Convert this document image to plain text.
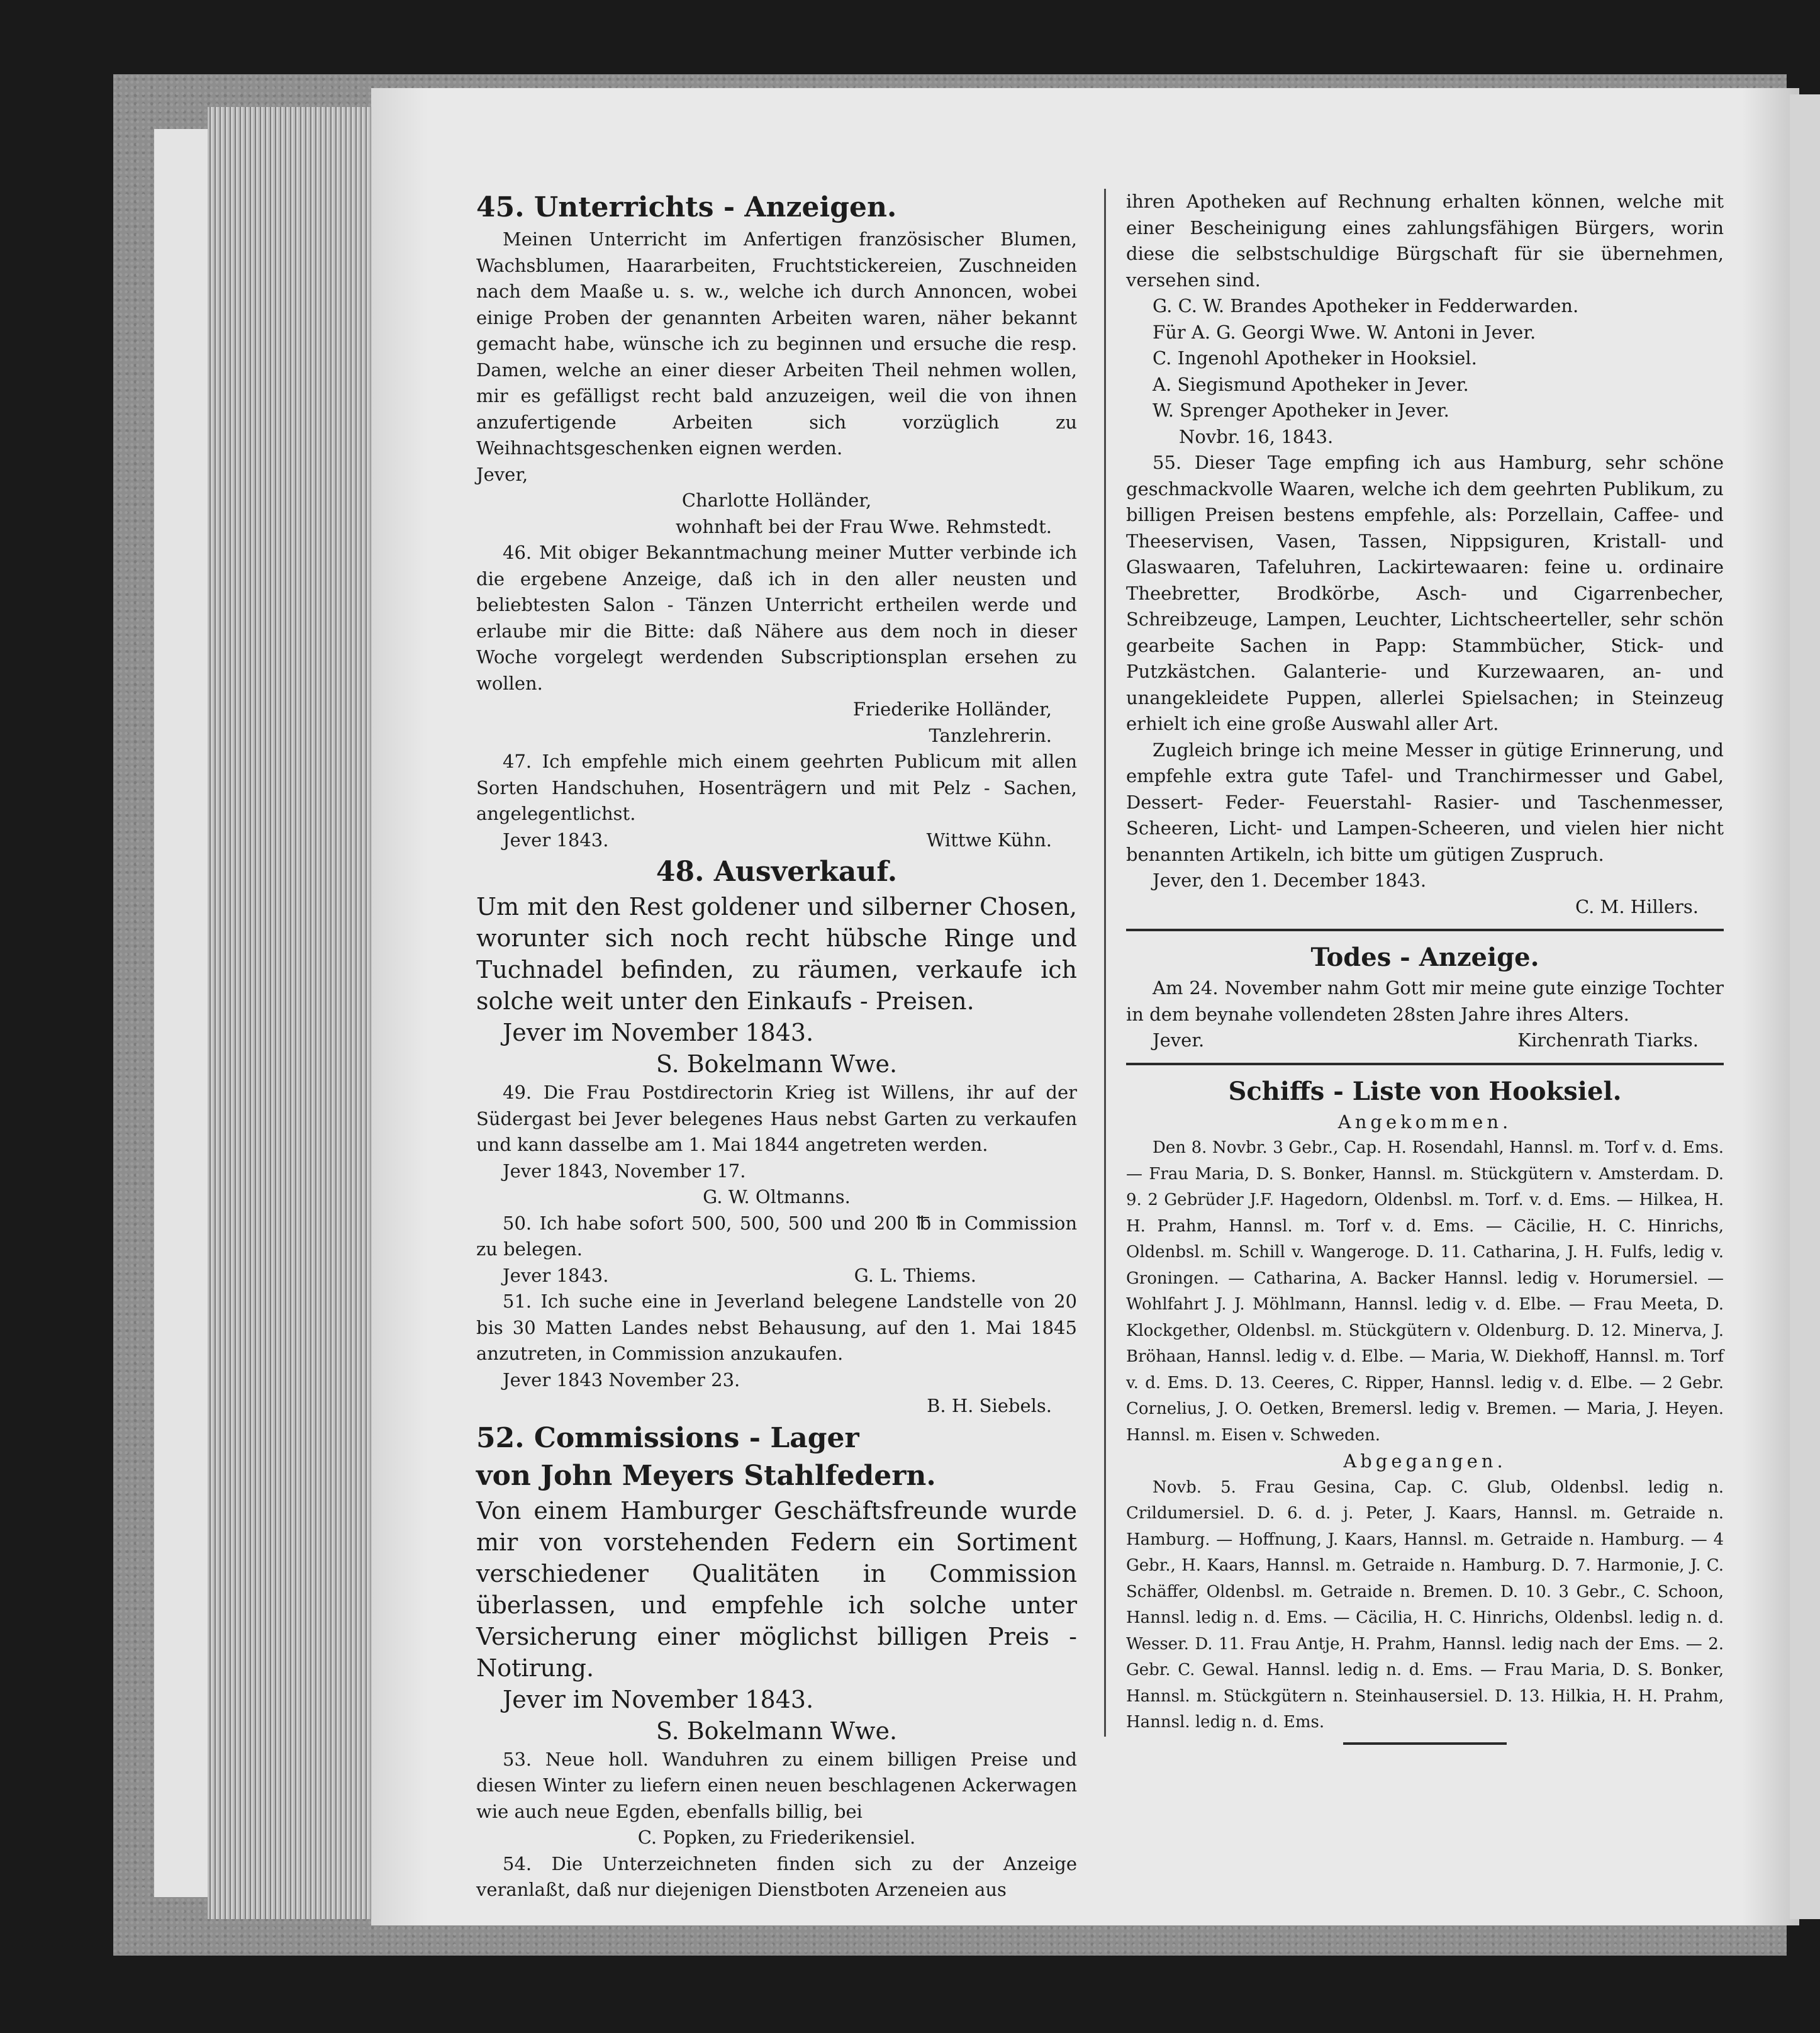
45. Unterrichts - Anzeigen.

Meinen Unterricht im Anfertigen französischer Blumen, Wachsblumen, Haararbeiten, Fruchtstickereien, Zuschneiden nach dem Maaße u. s. w., welche ich durch Annoncen, wobei einige Proben der genannten Arbeiten waren, näher bekannt gemacht habe, wünsche ich zu beginnen und ersuche die resp. Damen, welche an einer dieser Arbeiten Theil nehmen wollen, mir es gefälligst recht bald anzuzeigen, weil die von ihnen anzufertigende Arbeiten sich vorzüglich zu Weihnachtsgeschenken eignen werden.

Jever,

Charlotte Holländer,

wohnhaft bei der Frau Wwe. Rehmstedt.

46. Mit obiger Bekanntmachung meiner Mutter verbinde ich die ergebene Anzeige, daß ich in den aller neusten und beliebtesten Salon - Tänzen Unterricht ertheilen werde und erlaube mir die Bitte: daß Nähere aus dem noch in dieser Woche vorgelegt werdenden Subscriptionsplan ersehen zu wollen.

Friederike Holländer,

Tanzlehrerin.

47. Ich empfehle mich einem geehrten Publicum mit allen Sorten Handschuhen, Hosenträgern und mit Pelz - Sachen, angelegentlichst.

Jever 1843.	Wittwe Kühn.

48. Ausverkauf.

Um mit den Rest goldener und silberner Chosen, worunter sich noch recht hübsche Ringe und Tuchnadel befinden, zu räumen, verkaufe ich solche weit unter den Einkaufs - Preisen.

Jever im November 1843.

S. Bokelmann Wwe.

49. Die Frau Postdirectorin Krieg ist Willens, ihr auf der Südergast bei Jever belegenes Haus nebst Garten zu verkaufen und kann dasselbe am 1. Mai 1844 angetreten werden.

Jever 1843, November 17.

G. W. Oltmanns.

50. Ich habe sofort 500, 500, 500 und 200 ℔ in Commission zu belegen.

Jever 1843.	G. L. Thiems.

51. Ich suche eine in Jeverland belegene Landstelle von 20 bis 30 Matten Landes nebst Behausung, auf den 1. Mai 1845 anzutreten, in Commission anzukaufen.

Jever 1843 November 23.

B. H. Siebels.

52. Commissions - Lager

von John Meyers Stahlfedern.

Von einem Hamburger Geschäftsfreunde wurde mir von vorstehenden Federn ein Sortiment verschiedener Qualitäten in Commission überlassen, und empfehle ich solche unter Versicherung einer möglichst billigen Preis - Notirung.

Jever im November 1843.

S. Bokelmann Wwe.

53. Neue holl. Wanduhren zu einem billigen Preise und diesen Winter zu liefern einen neuen beschlagenen Ackerwagen wie auch neue Egden, ebenfalls billig, bei

C. Popken, zu Friederikensiel.

54. Die Unterzeichneten finden sich zu der Anzeige veranlaßt, daß nur diejenigen Dienstboten Arzeneien aus

ihren Apotheken auf Rechnung erhalten können, welche mit einer Bescheinigung eines zahlungsfähigen Bürgers, worin diese die selbstschuldige Bürgschaft für sie übernehmen, versehen sind.

G. C. W. Brandes Apotheker in Fedderwarden.

Für A. G. Georgi Wwe. W. Antoni in Jever.

C. Ingenohl Apotheker in Hooksiel.

A. Siegismund Apotheker in Jever.

W. Sprenger Apotheker in Jever.

Novbr. 16, 1843.

55. Dieser Tage empfing ich aus Hamburg, sehr schöne geschmackvolle Waaren, welche ich dem geehrten Publikum, zu billigen Preisen bestens empfehle, als: Porzellain, Caffee- und Theeservisen, Vasen, Tassen, Nippsiguren, Kristall- und Glaswaaren, Tafeluhren, Lackirtewaaren: feine u. ordinaire Theebretter, Brodkörbe, Asch- und Cigarrenbecher, Schreibzeuge, Lampen, Leuchter, Lichtscheerteller, sehr schön gearbeite Sachen in Papp: Stammbücher, Stick- und Putzkästchen. Galanterie- und Kurzewaaren, an- und unangekleidete Puppen, allerlei Spielsachen; in Steinzeug erhielt ich eine große Auswahl aller Art.

Zugleich bringe ich meine Messer in gütige Erinnerung, und empfehle extra gute Tafel- und Tranchirmesser und Gabel, Dessert- Feder- Feuerstahl- Rasier- und Taschenmesser, Scheeren, Licht- und Lampen-Scheeren, und vielen hier nicht benannten Artikeln, ich bitte um gütigen Zuspruch.

Jever, den 1. December 1843.

C. M. Hillers.

Todes - Anzeige.

Am 24. November nahm Gott mir meine gute einzige Tochter in dem beynahe vollendeten 28sten Jahre ihres Alters.

Jever.	Kirchenrath Tiarks.

Schiffs - Liste von Hooksiel.

Angekommen.

Den 8. Novbr. 3 Gebr., Cap. H. Rosendahl, Hannsl. m. Torf v. d. Ems. — Frau Maria, D. S. Bonker, Hannsl. m. Stückgütern v. Amsterdam. D. 9. 2 Gebrüder J.F. Hagedorn, Oldenbsl. m. Torf. v. d. Ems. — Hilkea, H. H. Prahm, Hannsl. m. Torf v. d. Ems. — Cäcilie, H. C. Hinrichs, Oldenbsl. m. Schill v. Wangeroge. D. 11. Catharina, J. H. Fulfs, ledig v. Groningen. — Catharina, A. Backer Hannsl. ledig v. Horumersiel. — Wohlfahrt J. J. Möhlmann, Hannsl. ledig v. d. Elbe. — Frau Meeta, D. Klockgether, Oldenbsl. m. Stückgütern v. Oldenburg. D. 12. Minerva, J. Bröhaan, Hannsl. ledig v. d. Elbe. — Maria, W. Diekhoff, Hannsl. m. Torf v. d. Ems. D. 13. Ceeres, C. Ripper, Hannsl. ledig v. d. Elbe. — 2 Gebr. Cornelius, J. O. Oetken, Bremersl. ledig v. Bremen. — Maria, J. Heyen. Hannsl. m. Eisen v. Schweden.

Abgegangen.

Novb. 5. Frau Gesina, Cap. C. Glub, Oldenbsl. ledig n. Crildumersiel. D. 6. d. j. Peter, J. Kaars, Hannsl. m. Getraide n. Hamburg. — Hoffnung, J. Kaars, Hannsl. m. Getraide n. Hamburg. — 4 Gebr., H. Kaars, Hannsl. m. Getraide n. Hamburg. D. 7. Harmonie, J. C. Schäffer, Oldenbsl. m. Getraide n. Bremen. D. 10. 3 Gebr., C. Schoon, Hannsl. ledig n. d. Ems. — Cäcilia, H. C. Hinrichs, Oldenbsl. ledig n. d. Wesser. D. 11. Frau Antje, H. Prahm, Hannsl. ledig nach der Ems. — 2. Gebr. C. Gewal. Hannsl. ledig n. d. Ems. — Frau Maria, D. S. Bonker, Hannsl. m. Stückgütern n. Steinhausersiel. D. 13. Hilkia, H. H. Prahm, Hannsl. ledig n. d. Ems.
